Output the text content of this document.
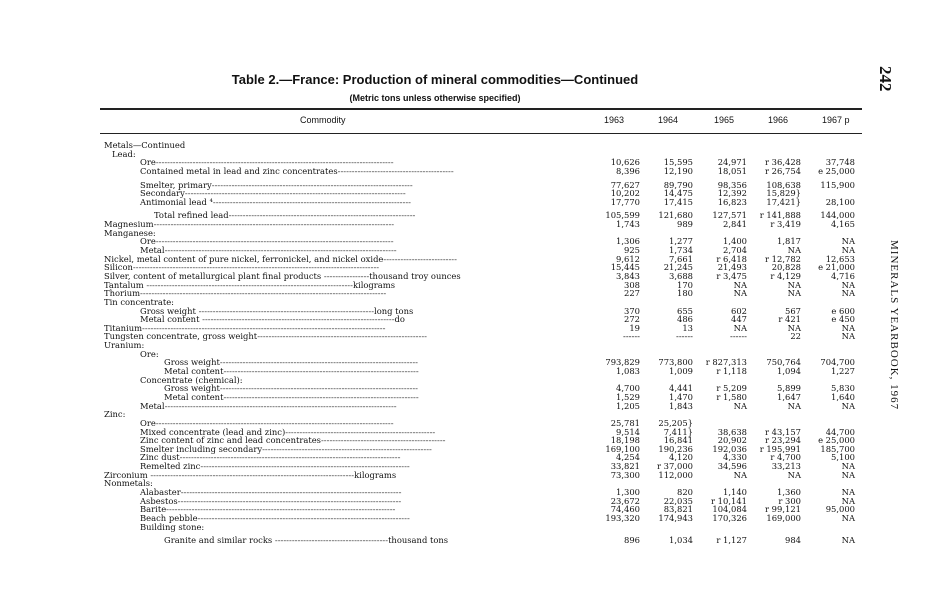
242
MINERALS YEARBOOK, 1967
Table 2.—France: Production of mineral commodities—Continued
(Metric tons unless otherwise specified)
Commodity	1963	1964	1965	1966	1967 p
Metals—Continued
Lead:
Ore------------------------------------------------------------------------------------	10,626	15,595	24,971	r 36,428	37,748
Contained metal in lead and zinc concentrates-----------------------------------------	8,396	12,190	18,051	r 26,754	e 25,000
Smelter, primary-----------------------------------------------------------------------	77,627	89,790	98,356	108,638	115,900
Secondary------------------------------------------------------------------------------	10,202	14,475	12,392	15,829}
Antimonial lead ⁴----------------------------------------------------------------------	17,770	17,415	16,823	17,421}	28,100
Total refined lead------------------------------------------------------------------	105,599	121,680	127,571	r 141,888	144,000
Magnesium-------------------------------------------------------------------------------------	1,743	989	2,841	r 3,419	4,165
Manganese:
Ore------------------------------------------------------------------------------------	1,306	1,277	1,400	1,817	NA
Metal----------------------------------------------------------------------------------	925	1,734	2,704	NA	NA
Nickel, metal content of pure nickel, ferronickel, and nickel oxide--------------------------	9,612	7,661	r 6,418	r 12,782	12,653
Silicon---------------------------------------------------------------------------------------	15,445	21,245	21,493	20,828	e 21,000
Silver, content of metallurgical plant final products ----------------thousand troy ounces	3,843	3,688	r 3,475	r 4,129	4,716
Tantalum -------------------------------------------------------------------------kilograms	308	170	NA	NA	NA
Thorium---------------------------------------------------------------------------------------	227	180	NA	NA	NA
Tin concentrate:
Gross weight --------------------------------------------------------------long tons	370	655	602	567	e 600
Metal content --------------------------------------------------------------------do	272	486	447	r 421	e 450
Titanium--------------------------------------------------------------------------------------	19	13	NA	NA	NA
Tungsten concentrate, gross weight------------------------------------------------------------	------	------	------	22	NA
Uranium:
Ore:
Gross weight----------------------------------------------------------------------	793,829	773,800	r 827,313	750,764	704,700
Metal content---------------------------------------------------------------------	1,083	1,009	r 1,118	1,094	1,227
Concentrate (chemical):
Gross weight----------------------------------------------------------------------	4,700	4,441	r 5,209	5,899	5,830
Metal content---------------------------------------------------------------------	1,529	1,470	r 1,580	1,647	1,640
Metal----------------------------------------------------------------------------------	1,205	1,843	NA	NA	NA
Zinc:
Ore------------------------------------------------------------------------------------	25,781	25,205}
Mixed concentrate (lead and zinc)-----------------------------------------------------	9,514	7,411}	38,638	r 43,157	44,700
Zinc content of zinc and lead concentrates--------------------------------------------	18,198	16,841	20,902	r 23,294	e 25,000
Smelter including secondary------------------------------------------------------------	169,100	190,236	192,036	r 195,991	185,700
Zinc dust------------------------------------------------------------------------------	4,254	4,120	4,330	r 4,700	5,100
Remelted zinc--------------------------------------------------------------------------	33,821	r 37,000	34,596	33,213	NA
Zirconium ------------------------------------------------------------------------kilograms	73,300	112,000	NA	NA	NA
Nonmetals:
Alabaster------------------------------------------------------------------------------	1,300	820	1,140	1,360	NA
Asbestos-------------------------------------------------------------------------------	23,672	22,035	r 10,141	r 300	NA
Barite---------------------------------------------------------------------------------	74,460	83,821	104,084	r 99,121	95,000
Beach pebble---------------------------------------------------------------------------	193,320	174,943	170,326	169,000	NA
Building stone:
Granite and similar rocks ----------------------------------------thousand tons	896	1,034	r 1,127	984	NA
